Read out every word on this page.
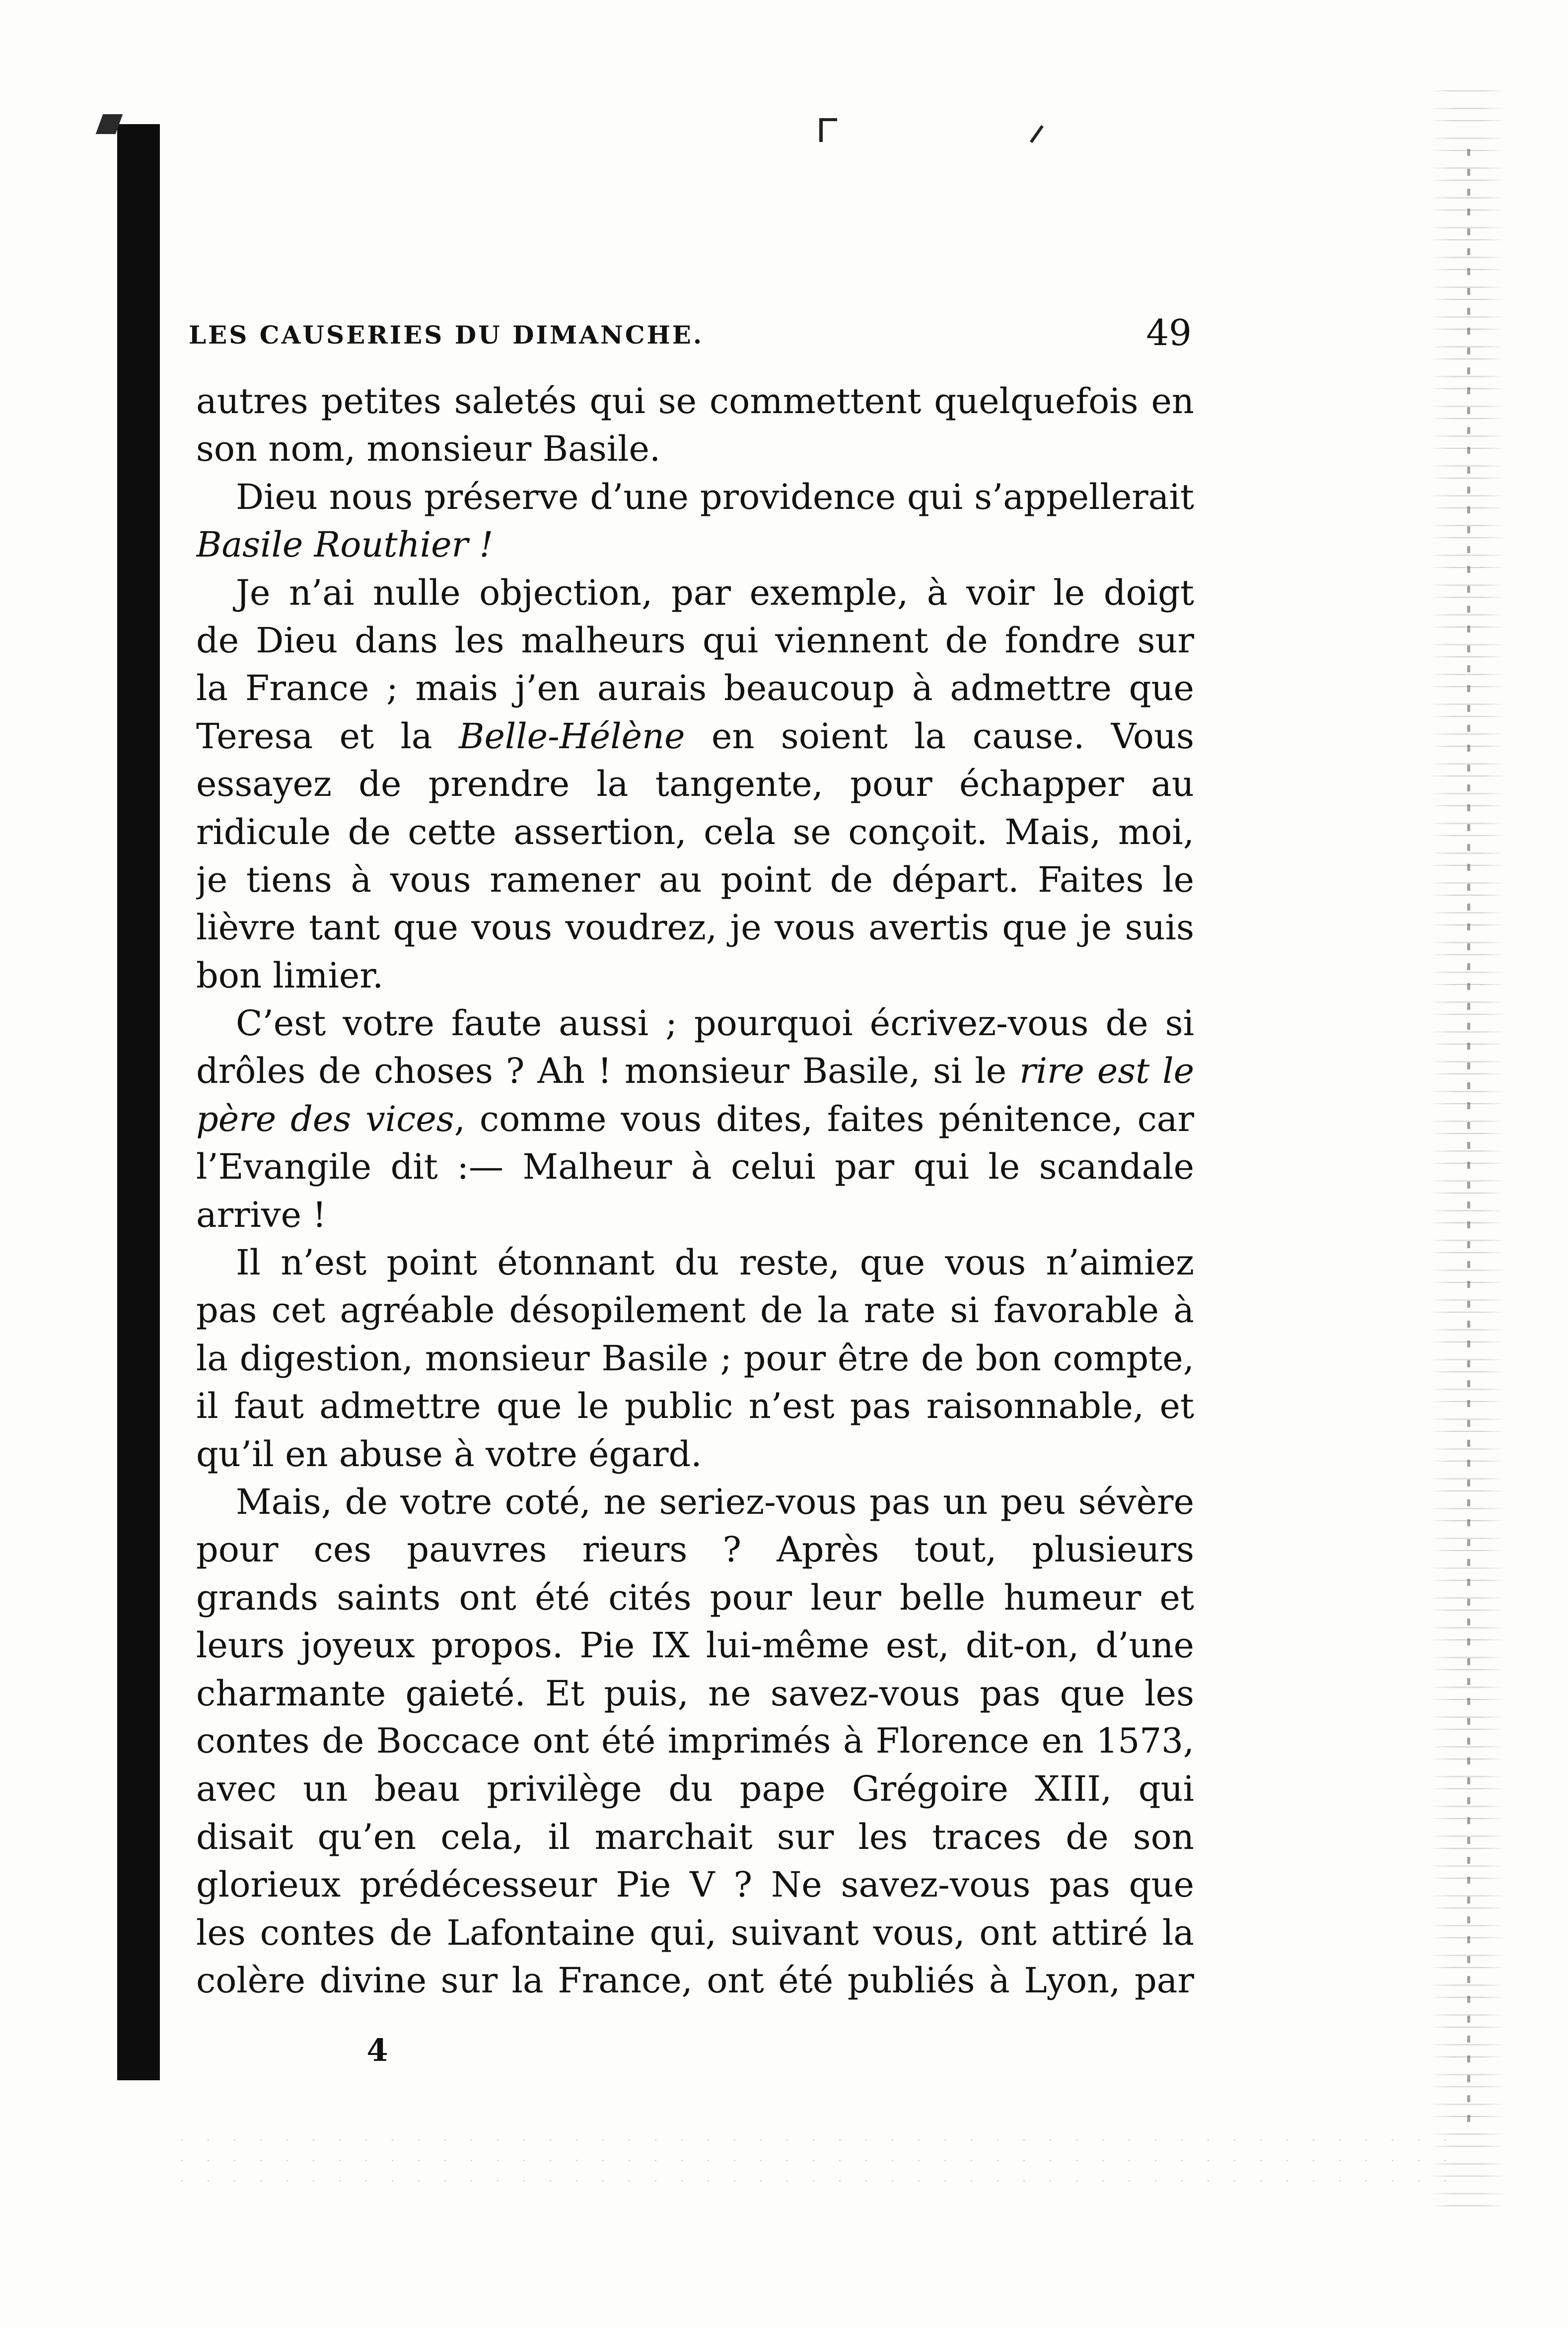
LES CAUSERIES DU DIMANCHE.	49
autres petites saletés qui se commettent quelquefois en
son nom, monsieur Basile.
Dieu nous préserve d’une providence qui s’appellerait
Basile Routhier !
Je n’ai nulle objection, par exemple, à voir le doigt
de Dieu dans les malheurs qui viennent de fondre sur
la France ; mais j’en aurais beaucoup à admettre que
Teresa et la Belle-Hélène en soient la cause. Vous
essayez de prendre la tangente, pour échapper au
ridicule de cette assertion, cela se conçoit. Mais, moi,
je tiens à vous ramener au point de départ. Faites le
lièvre tant que vous voudrez, je vous avertis que je suis
bon limier.
C’est votre faute aussi ; pourquoi écrivez-vous de si
drôles de choses ? Ah ! monsieur Basile, si le rire est le
père des vices, comme vous dites, faites pénitence, car
l’Evangile dit :— Malheur à celui par qui le scandale
arrive !
Il n’est point étonnant du reste, que vous n’aimiez
pas cet agréable désopilement de la rate si favorable à
la digestion, monsieur Basile ; pour être de bon compte,
il faut admettre que le public n’est pas raisonnable, et
qu’il en abuse à votre égard.
Mais, de votre coté, ne seriez-vous pas un peu sévère
pour ces pauvres rieurs ? Après tout, plusieurs
grands saints ont été cités pour leur belle humeur et
leurs joyeux propos. Pie IX lui-même est, dit-on, d’une
charmante gaieté. Et puis, ne savez-vous pas que les
contes de Boccace ont été imprimés à Florence en 1573,
avec un beau privilège du pape Grégoire XIII, qui
disait qu’en cela, il marchait sur les traces de son
glorieux prédécesseur Pie V ? Ne savez-vous pas que
les contes de Lafontaine qui, suivant vous, ont attiré la
colère divine sur la France, ont été publiés à Lyon, par
4
